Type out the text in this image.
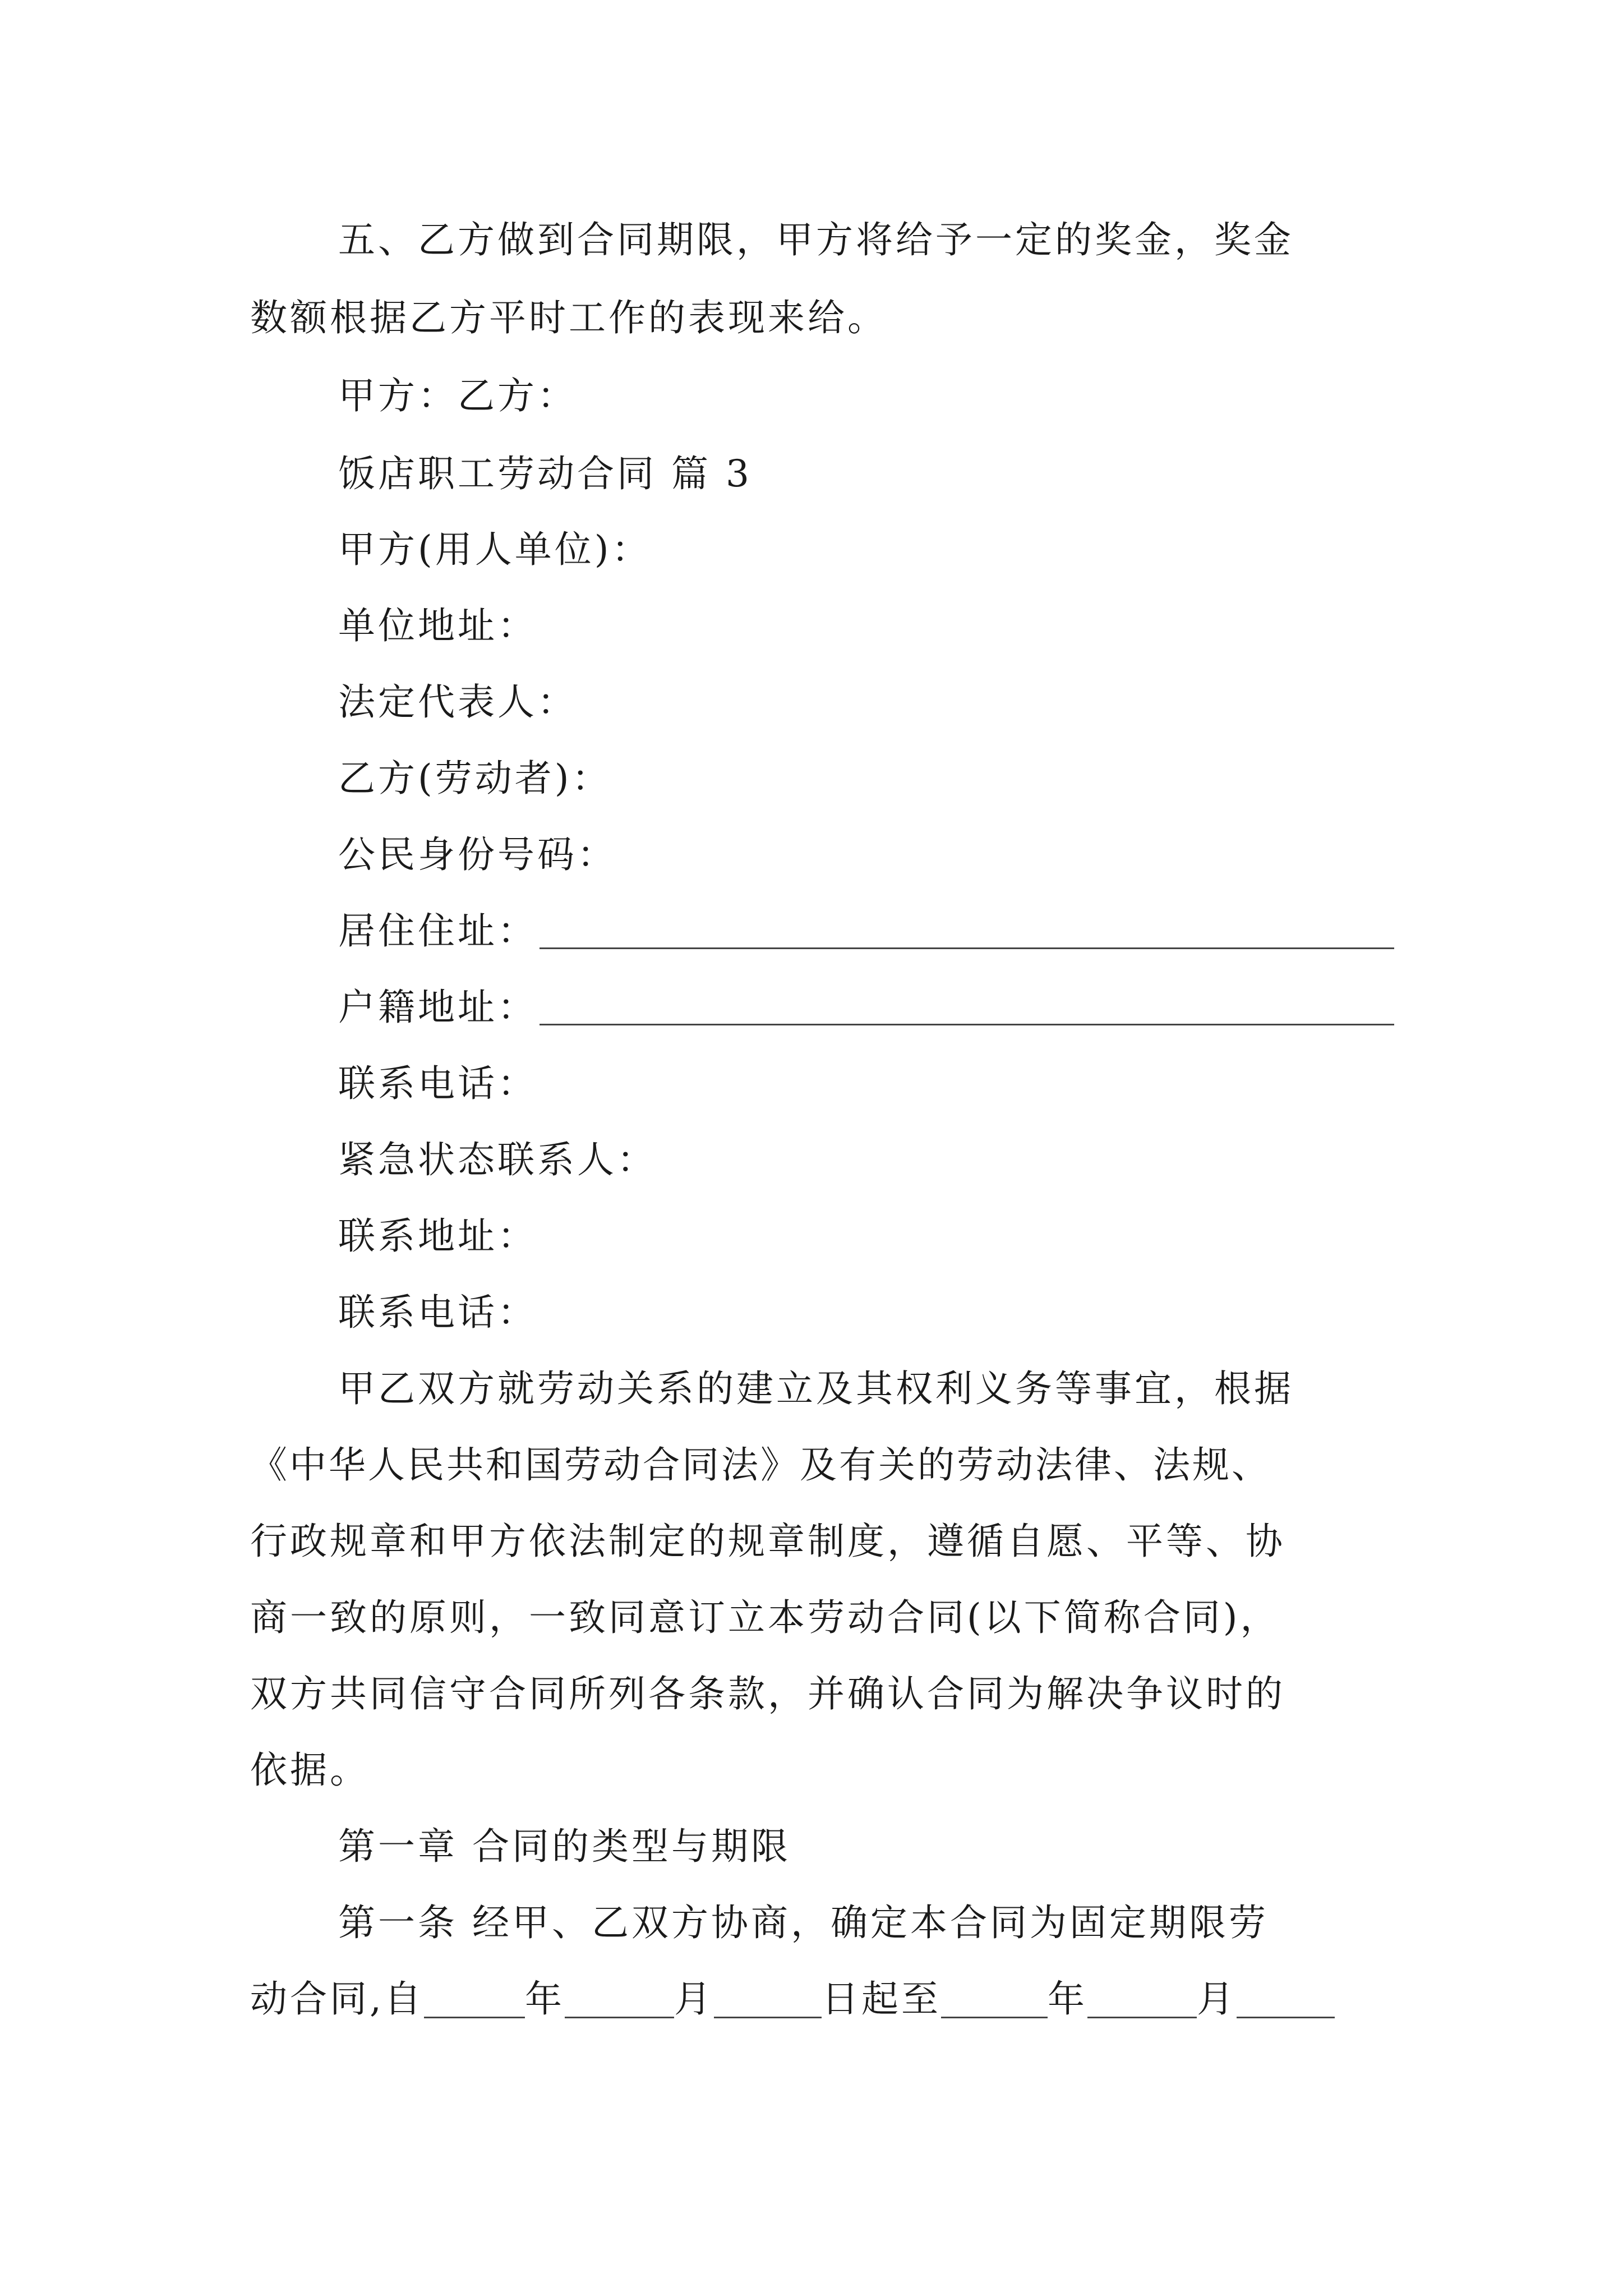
五、乙方做到合同期限，甲方将给予一定的奖金，奖金
数额根据乙方平时工作的表现来给。
甲方：乙方：
饭店职工劳动合同 篇 3
甲方(用人单位)：
单位地址：
法定代表人：
乙方(劳动者)：
公民身份号码：
居住住址：
户籍地址：
联系电话：
紧急状态联系人：
联系地址：
联系电话：
甲乙双方就劳动关系的建立及其权利义务等事宜，根据
《中华人民共和国劳动合同法》及有关的劳动法律、法规、
行政规章和甲方依法制定的规章制度，遵循自愿、平等、协
商一致的原则，一致同意订立本劳动合同(以下简称合同)，
双方共同信守合同所列各条款，并确认合同为解决争议时的
依据。
第一章 合同的类型与期限
第一条 经甲、乙双方协商，确定本合同为固定期限劳
动合同,自	年	月	日起至	年	月
